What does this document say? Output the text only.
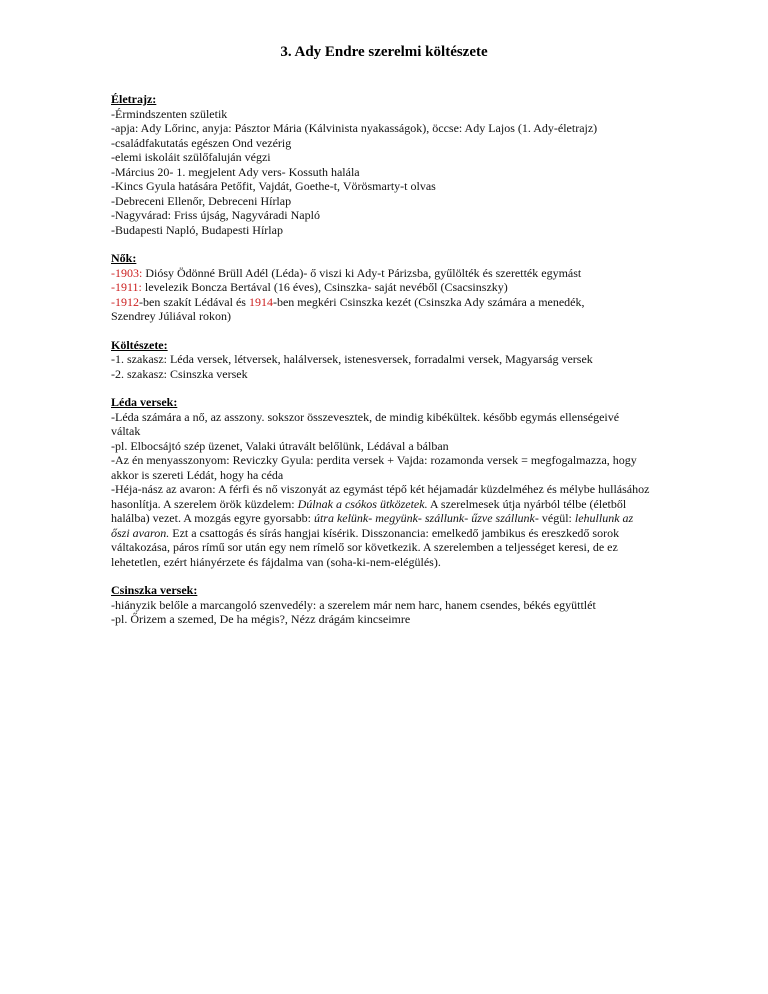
3. Ady Endre szerelmi költészete
Életrajz:
-Érmindszenten születik
-apja: Ady Lőrinc, anyja: Pásztor Mária (Kálvinista nyakasságok), öccse: Ady Lajos (1. Ady-életrajz)
-családfakutatás egészen Ond vezérig
-elemi iskoláit szülőfaluján végzi
-Március 20- 1. megjelent Ady vers- Kossuth halála
-Kincs Gyula hatására Petőfit, Vajdát, Goethe-t, Vörösmarty-t olvas
-Debreceni Ellenőr, Debreceni Hírlap
-Nagyvárad: Friss újság, Nagyváradi Napló
-Budapesti Napló, Budapesti Hírlap
Nők:
-1903: Diósy Ödönné Brüll Adél (Léda)- ő viszi ki Ady-t Párizsba, gyűlölték és szerették egymást
-1911: levelezik Boncza Bertával (16 éves), Csinszka- saját nevéből (Csacsinszky)
-1912-ben szakít Lédával és 1914-ben megkéri Csinszka kezét (Csinszka Ady számára a menedék,
Szendrey Júliával rokon)
Költészete:
-1. szakasz: Léda versek, létversek, halálversek, istenesversek, forradalmi versek, Magyarság versek
-2. szakasz: Csinszka versek
Léda versek:
-Léda számára a nő, az asszony. sokszor összevesztek, de mindig kibékültek. később egymás ellenségeivé váltak
-pl. Elbocsájtó szép üzenet, Valaki útravált belőlünk, Lédával a bálban
-Az én menyasszonyom: Reviczky Gyula: perdita versek + Vajda: rozamonda versek = megfogalmazza, hogy akkor is szereti Lédát, hogy ha céda
-Héja-nász az avaron: A férfi és nő viszonyát az egymást tépő két héjamadár küzdelméhez és mélybe hullásához hasonlítja. A szerelem örök küzdelem: Dúlnak a csókos ütközetek. A szerelmesek útja nyárból télbe (életből halálba) vezet. A mozgás egyre gyorsabb: útra kelünk- megyünk- szállunk- űzve szállunk- végül: lehullunk az őszi avaron. Ezt a csattogás és sírás hangjai kísérik. Disszonancia: emelkedő jambikus és ereszkedő sorok váltakozása, páros rímű sor után egy nem rímelő sor következik. A szerelemben a teljességet keresi, de ez lehetetlen, ezért hiányérzete és fájdalma van (soha-ki-nem-elégülés).
Csinszka versek:
-hiányzik belőle a marcangoló szenvedély: a szerelem már nem harc, hanem csendes, békés együttlét
-pl. Őrizem a szemed, De ha mégis?, Nézz drágám kincseimre
